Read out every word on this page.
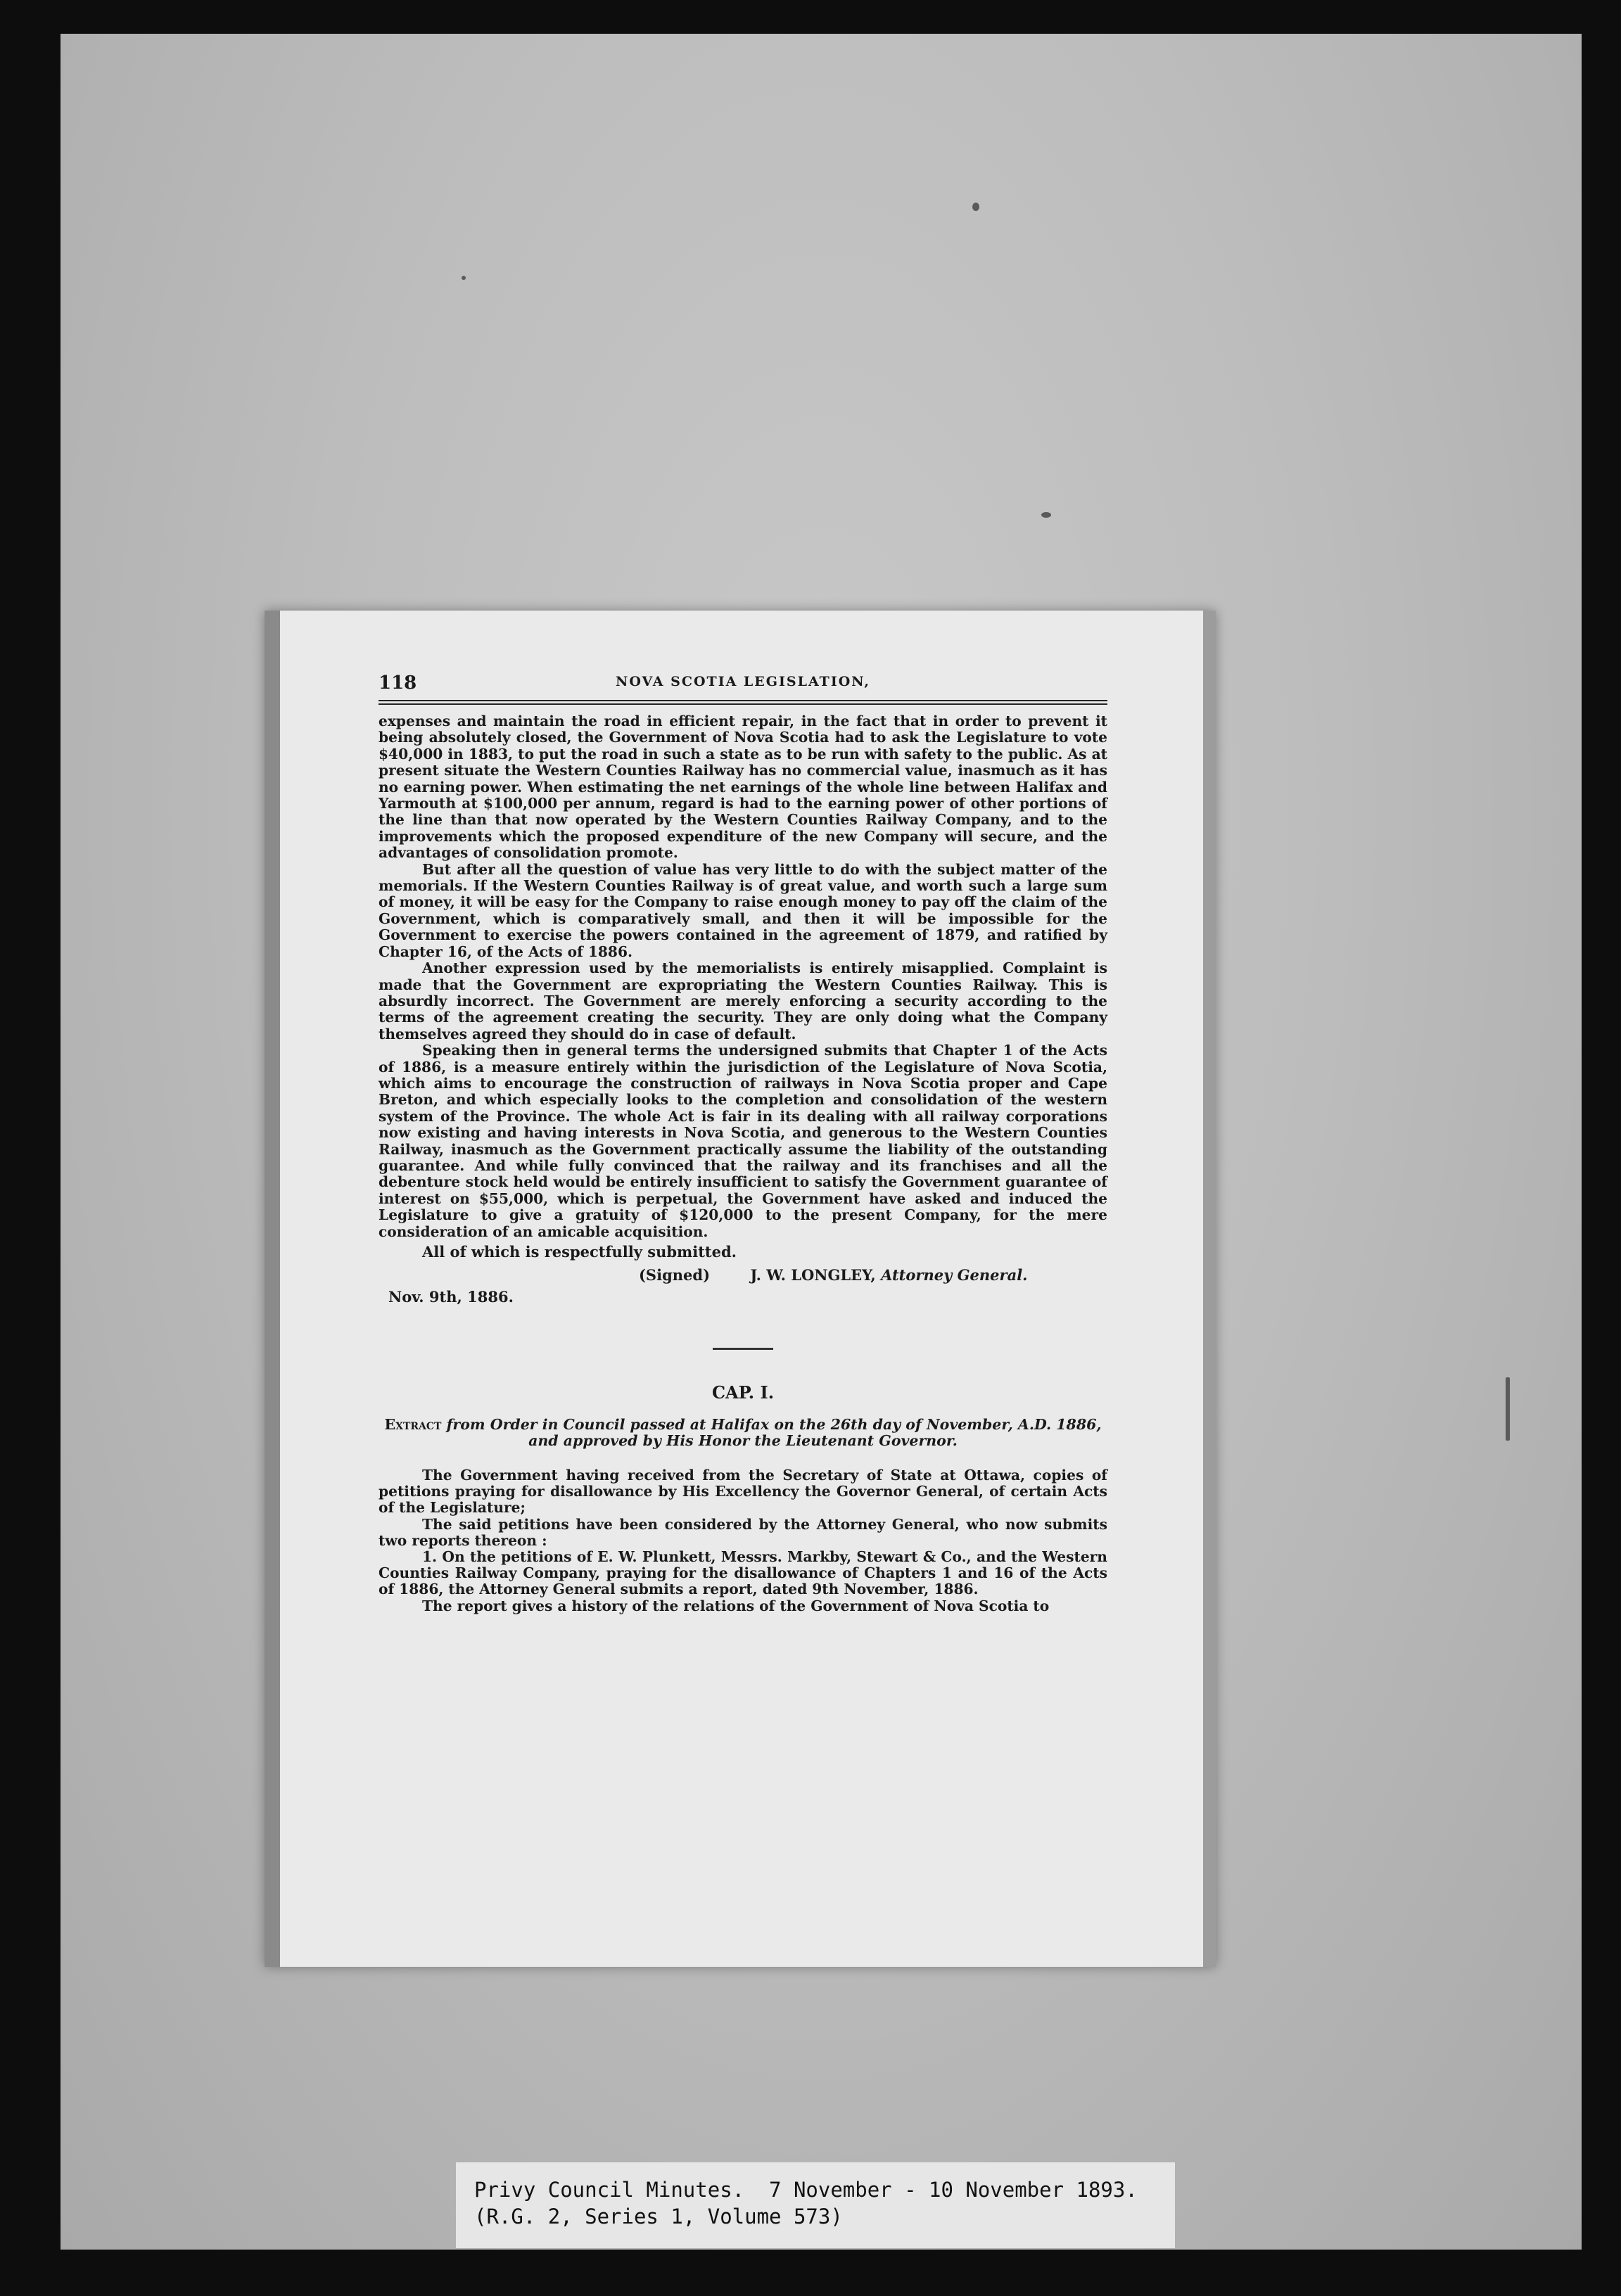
118	NOVA SCOTIA LEGISLATION,

expenses and maintain the road in efficient repair, in the fact that in order to prevent it being absolutely closed, the Government of Nova Scotia had to ask the Legislature to vote $40,000 in 1883, to put the road in such a state as to be run with safety to the public. As at present situate the Western Counties Railway has no commercial value, inasmuch as it has no earning power. When estimating the net earnings of the whole line between Halifax and Yarmouth at $100,000 per annum, regard is had to the earning power of other portions of the line than that now operated by the Western Counties Railway Company, and to the improvements which the proposed expenditure of the new Company will secure, and the advantages of consolidation promote.

But after all the question of value has very little to do with the subject matter of the memorials. If the Western Counties Railway is of great value, and worth such a large sum of money, it will be easy for the Company to raise enough money to pay off the claim of the Government, which is comparatively small, and then it will be impossible for the Government to exercise the powers contained in the agreement of 1879, and ratified by Chapter 16, of the Acts of 1886.

Another expression used by the memorialists is entirely misapplied. Complaint is made that the Government are expropriating the Western Counties Railway. This is absurdly incorrect. The Government are merely enforcing a security according to the terms of the agreement creating the security. They are only doing what the Company themselves agreed they should do in case of default.

Speaking then in general terms the undersigned submits that Chapter 1 of the Acts of 1886, is a measure entirely within the jurisdiction of the Legislature of Nova Scotia, which aims to encourage the construction of railways in Nova Scotia proper and Cape Breton, and which especially looks to the completion and consolidation of the western system of the Province. The whole Act is fair in its dealing with all railway corporations now existing and having interests in Nova Scotia, and generous to the Western Counties Railway, inasmuch as the Government practically assume the liability of the outstanding guarantee. And while fully convinced that the railway and its franchises and all the debenture stock held would be entirely insufficient to satisfy the Government guarantee of interest on $55,000, which is perpetual, the Government have asked and induced the Legislature to give a gratuity of $120,000 to the present Company, for the mere consideration of an amicable acquisition.

All of which is respectfully submitted.
(Signed)	J. W. LONGLEY, Attorney General.
Nov. 9th, 1886.
CAP. I.
Extract from Order in Council passed at Halifax on the 26th day of November, A.D. 1886, and approved by His Honor the Lieutenant Governor.

The Government having received from the Secretary of State at Ottawa, copies of petitions praying for disallowance by His Excellency the Governor General, of certain Acts of the Legislature;

The said petitions have been considered by the Attorney General, who now submits two reports thereon :

1. On the petitions of E. W. Plunkett, Messrs. Markby, Stewart & Co., and the Western Counties Railway Company, praying for the disallowance of Chapters 1 and 16 of the Acts of 1886, the Attorney General submits a report, dated 9th November, 1886.

The report gives a history of the relations of the Government of Nova Scotia to

Privy Council Minutes.  7 November - 10 November 1893.
(R.G. 2, Series 1, Volume 573)
